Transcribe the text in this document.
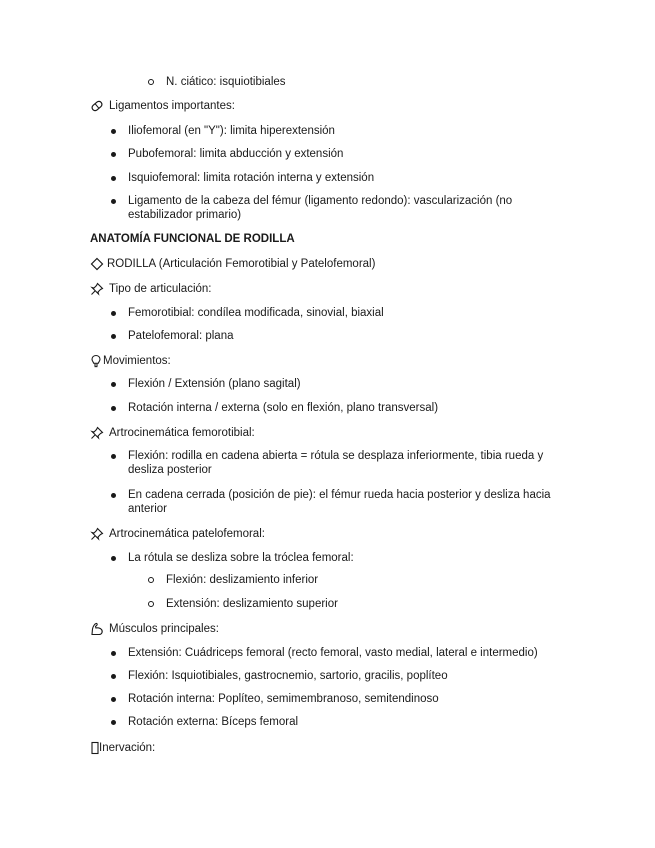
N. ciático: isquiotibiales
Ligamentos importantes:
Iliofemoral (en "Y"): limita hiperextensión
Pubofemoral: limita abducción y extensión
Isquiofemoral: limita rotación interna y extensión
Ligamento de la cabeza del fémur (ligamento redondo): vascularización (no estabilizador primario)
ANATOMÍA FUNCIONAL DE RODILLA
RODILLA (Articulación Femorotibial y Patelofemoral)
Tipo de articulación:
Femorotibial: condílea modificada, sinovial, biaxial
Patelofemoral: plana
Movimientos:
Flexión / Extensión (plano sagital)
Rotación interna / externa (solo en flexión, plano transversal)
Artrocinemática femorotibial:
Flexión: rodilla en cadena abierta = rótula se desplaza inferiormente, tibia rueda y desliza posterior
En cadena cerrada (posición de pie): el fémur rueda hacia posterior y desliza hacia anterior
Artrocinemática patelofemoral:
La rótula se desliza sobre la tróclea femoral:
Flexión: deslizamiento inferior
Extensión: deslizamiento superior
Músculos principales:
Extensión: Cuádriceps femoral (recto femoral, vasto medial, lateral e intermedio)
Flexión: Isquiotibiales, gastrocnemio, sartorio, gracilis, poplíteo
Rotación interna: Poplíteo, semimembranoso, semitendinoso
Rotación externa: Bíceps femoral
Inervación:
